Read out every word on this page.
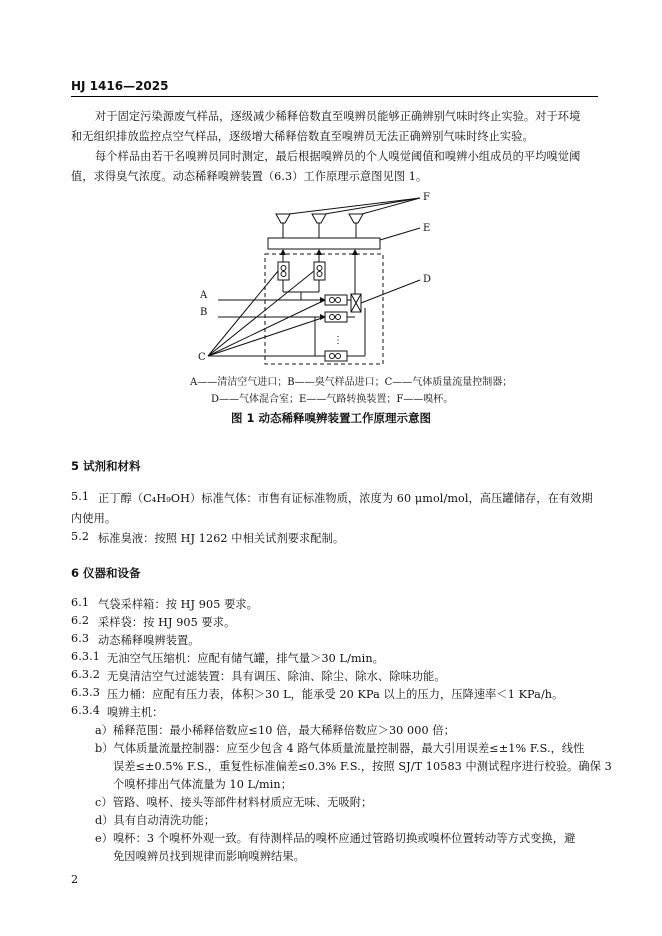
HJ 1416—2025
对于固定污染源废气样品，逐级减少稀释倍数直至嗅辨员能够正确辨别气味时终止实验。对于环境
和无组织排放监控点空气样品，逐级增大稀释倍数直至嗅辨员无法正确辨别气味时终止实验。
每个样品由若干名嗅辨员同时测定，最后根据嗅辨员的个人嗅觉阈值和嗅辨小组成员的平均嗅觉阈
值，求得臭气浓度。动态稀释嗅辨装置（6.3）工作原理示意图见图 1。
F
E
D
A
B
C
⋮
A——清洁空气进口；B——臭气样品进口；C——气体质量流量控制器；
D——气体混合室；E——气路转换装置；F——嗅杯。
图 1 动态稀释嗅辨装置工作原理示意图
5 试剂和材料
5.1 正丁醇（C₄H₉OH）标准气体：市售有证标准物质，浓度为 60 μmol/mol，高压罐储存，在有效期
内使用。
5.2 标准臭液：按照 HJ 1262 中相关试剂要求配制。
6 仪器和设备
6.1 气袋采样箱：按 HJ 905 要求。
6.2 采样袋：按 HJ 905 要求。
6.3 动态稀释嗅辨装置。
6.3.1 无油空气压缩机：应配有储气罐，排气量＞30 L/min。
6.3.2 无臭清洁空气过滤装置：具有调压、除油、除尘、除水、除味功能。
6.3.3 压力桶：应配有压力表，体积＞30 L，能承受 20 KPa 以上的压力，压降速率＜1 KPa/h。
6.3.4 嗅辨主机：
a）稀释范围：最小稀释倍数应≤10 倍，最大稀释倍数应＞30 000 倍；
b）气体质量流量控制器：应至少包含 4 路气体质量流量控制器，最大引用误差≤±1% F.S.，线性
误差≤±0.5% F.S.，重复性标准偏差≤0.3% F.S.，按照 SJ/T 10583 中测试程序进行校验。确保 3
个嗅杯排出气体流量为 10 L/min；
c）管路、嗅杯、接头等部件材料材质应无味、无吸附；
d）具有自动清洗功能；
e）嗅杯：3 个嗅杯外观一致。有待测样品的嗅杯应通过管路切换或嗅杯位置转动等方式变换，避
免因嗅辨员找到规律而影响嗅辨结果。
2
